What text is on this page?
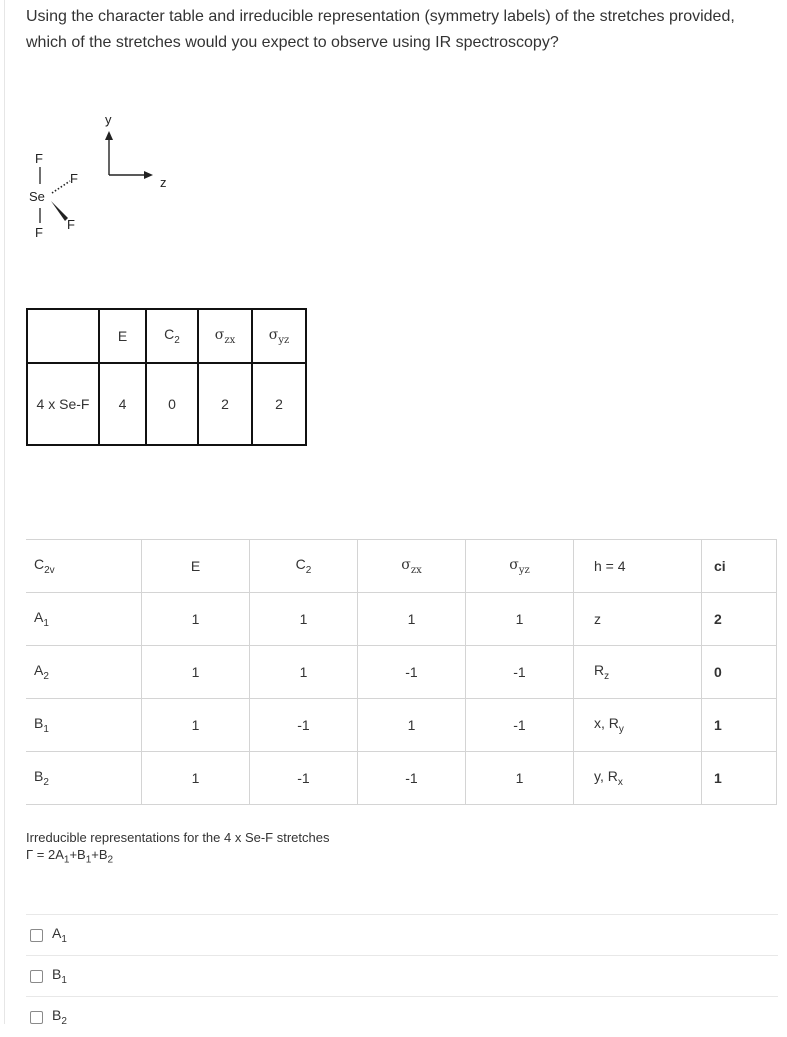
Using the character table and irreducible representation (symmetry labels) of the stretches provided, which of the stretches would you expect to observe using IR spectroscopy?
F
Se
F
F
F
y
z
	E	$C_2$	$\sigma_{zx}$	$\sigma_{yz}$
4 x Se-F	4	0	2	2
$C_{2v}$	E	$C_2$	$\sigma_{zx}$	$\sigma_{yz}$	h = 4	ci
$A_1$	1	1	1	1	z	2
$A_2$	1	1	-1	-1	$R_z$	0
$B_1$	1	-1	1	-1	x, $R_y$	1
$B_2$	1	-1	-1	1	y, $R_x$	1
Irreducible representations for the 4 x Se-F stretches
$\Gamma = 2A_1+B_1+B_2$
$A_1$
$B_1$
$B_2$
